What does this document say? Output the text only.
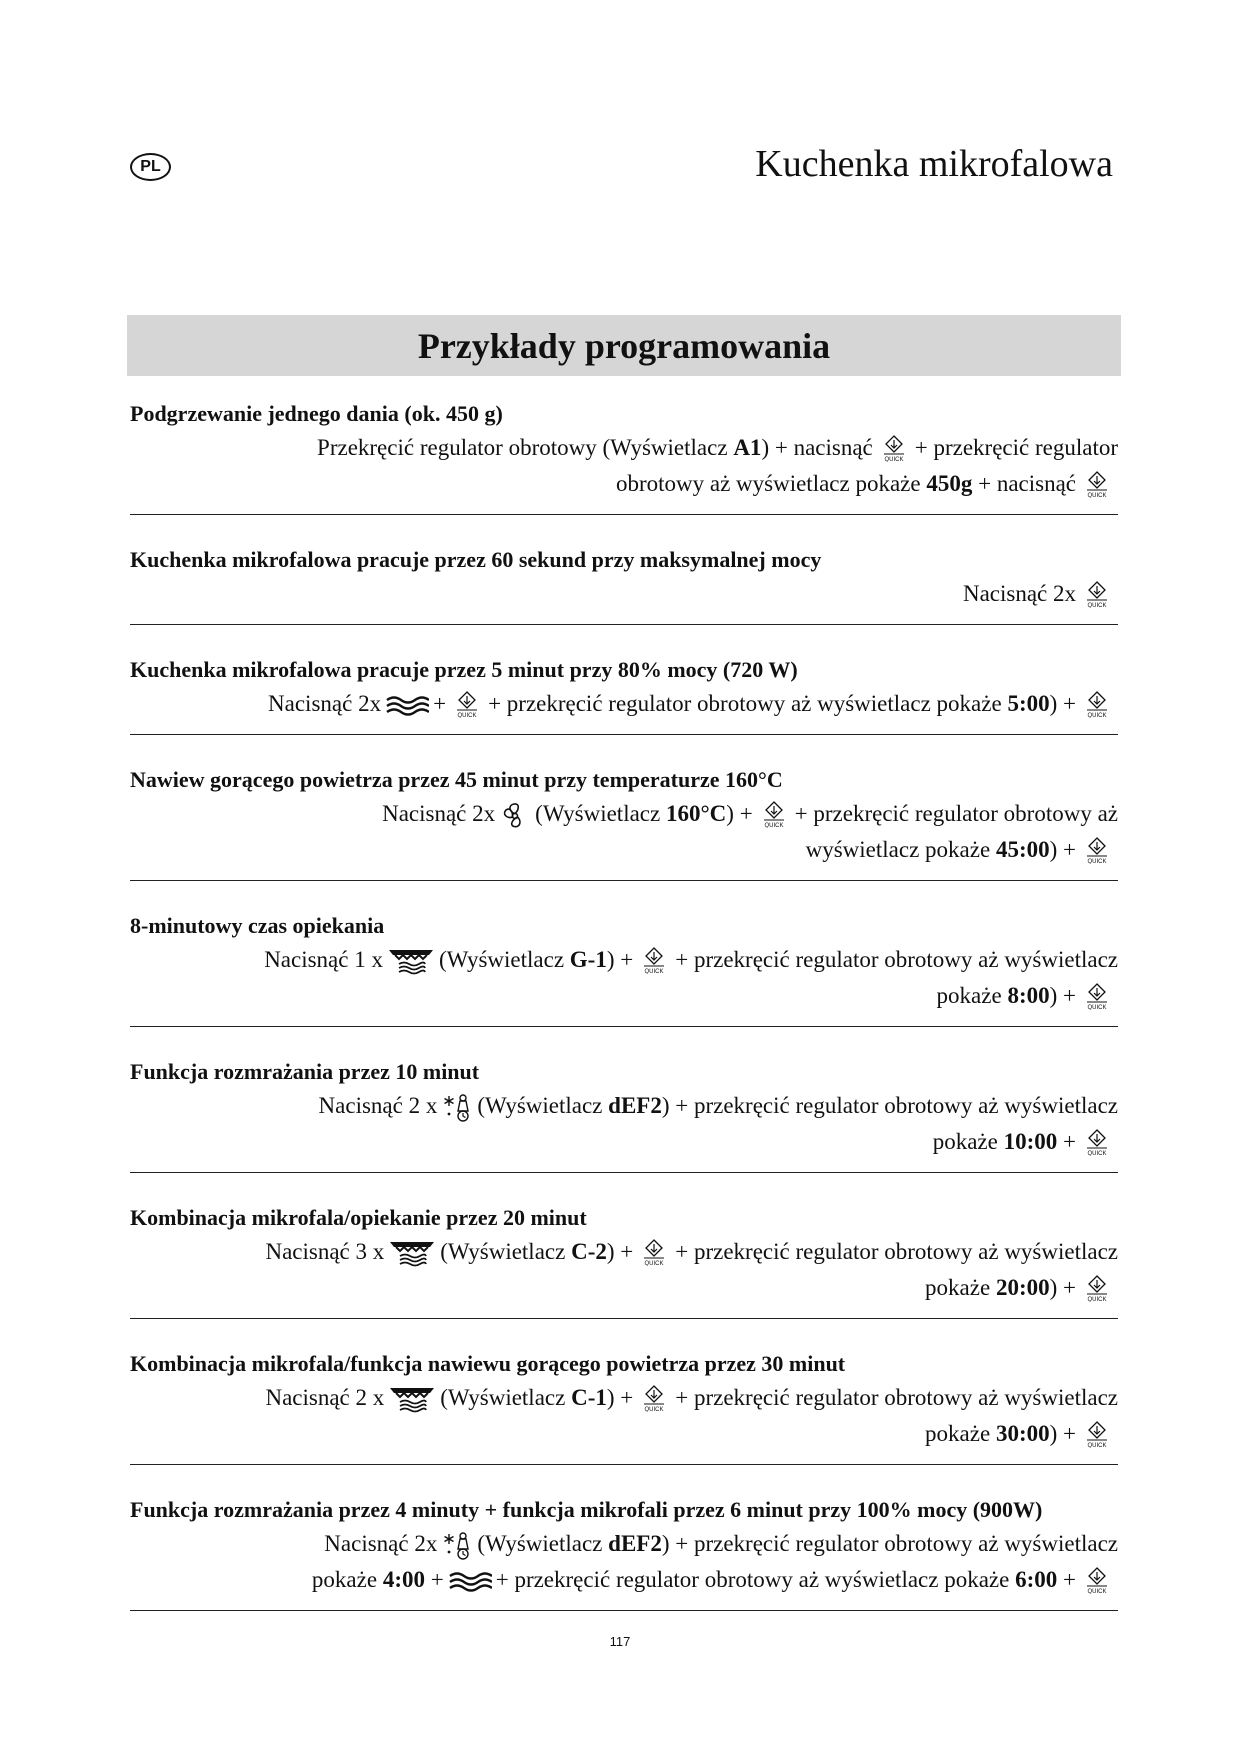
PL	Kuchenka mikrofalowa
Przykłady programowania
Podgrzewanie jednego dania (ok. 450 g)
Przekręcić regulator obrotowy (Wyświetlacz A1) + nacisnąć + przekręcić regulator
obrotowy aż wyświetlacz pokaże 450g + nacisnąć
Kuchenka mikrofalowa pracuje przez 60 sekund przy maksymalnej mocy
Nacisnąć 2x
Kuchenka mikrofalowa pracuje przez 5 minut przy 80% mocy (720 W)
Nacisnąć 2x + + przekręcić regulator obrotowy aż wyświetlacz pokaże 5:00) +
Nawiew gorącego powietrza przez 45 minut przy temperaturze 160°C
Nacisnąć 2x (Wyświetlacz 160°C) + + przekręcić regulator obrotowy aż
wyświetlacz pokaże 45:00) +
8-minutowy czas opiekania
Nacisnąć 1 x (Wyświetlacz G-1) + + przekręcić regulator obrotowy aż wyświetlacz
pokaże 8:00) +
Funkcja rozmrażania przez 10 minut
Nacisnąć 2 x (Wyświetlacz dEF2) + przekręcić regulator obrotowy aż wyświetlacz
pokaże 10:00 +
Kombinacja mikrofala/opiekanie przez 20 minut
Nacisnąć 3 x (Wyświetlacz C-2) + + przekręcić regulator obrotowy aż wyświetlacz
pokaże 20:00) +
Kombinacja mikrofala/funkcja nawiewu gorącego powietrza przez 30 minut
Nacisnąć 2 x (Wyświetlacz C-1) + + przekręcić regulator obrotowy aż wyświetlacz
pokaże 30:00) +
Funkcja rozmrażania przez 4 minuty + funkcja mikrofali przez 6 minut przy 100% mocy (900W)
Nacisnąć 2x (Wyświetlacz dEF2) + przekręcić regulator obrotowy aż wyświetlacz
pokaże 4:00 + + przekręcić regulator obrotowy aż wyświetlacz pokaże 6:00 +
117
